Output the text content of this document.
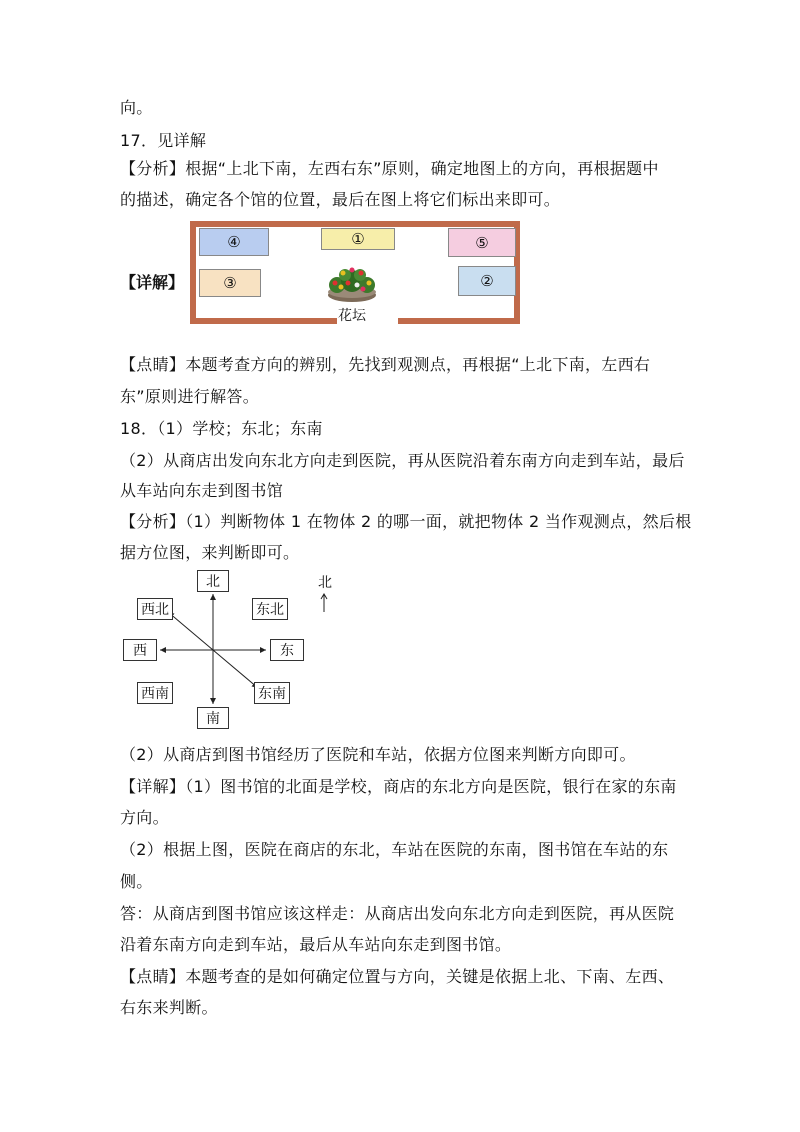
向。
17．见详解
【分析】根据“上北下南，左西右东”原则，确定地图上的方向，再根据题中
的描述，确定各个馆的位置，最后在图上将它们标出来即可。
【详解】
④	①	⑤
③	②
花坛
【点睛】本题考查方向的辨别，先找到观测点，再根据“上北下南，左西右
东”原则进行解答。
18．（1）学校；东北；东南
（2）从商店出发向东北方向走到医院，再从医院沿着东南方向走到车站，最后
从车站向东走到图书馆
【分析】（1）判断物体 1 在物体 2 的哪一面，就把物体 2 当作观测点，然后根
据方位图，来判断即可。
北
西北	东北
西	东
西南	东南
南
北
（2）从商店到图书馆经历了医院和车站，依据方位图来判断方向即可。
【详解】（1）图书馆的北面是学校，商店的东北方向是医院，银行在家的东南
方向。
（2）根据上图，医院在商店的东北，车站在医院的东南，图书馆在车站的东
侧。
答：从商店到图书馆应该这样走：从商店出发向东北方向走到医院，再从医院
沿着东南方向走到车站，最后从车站向东走到图书馆。
【点睛】本题考查的是如何确定位置与方向，关键是依据上北、下南、左西、
右东来判断。
